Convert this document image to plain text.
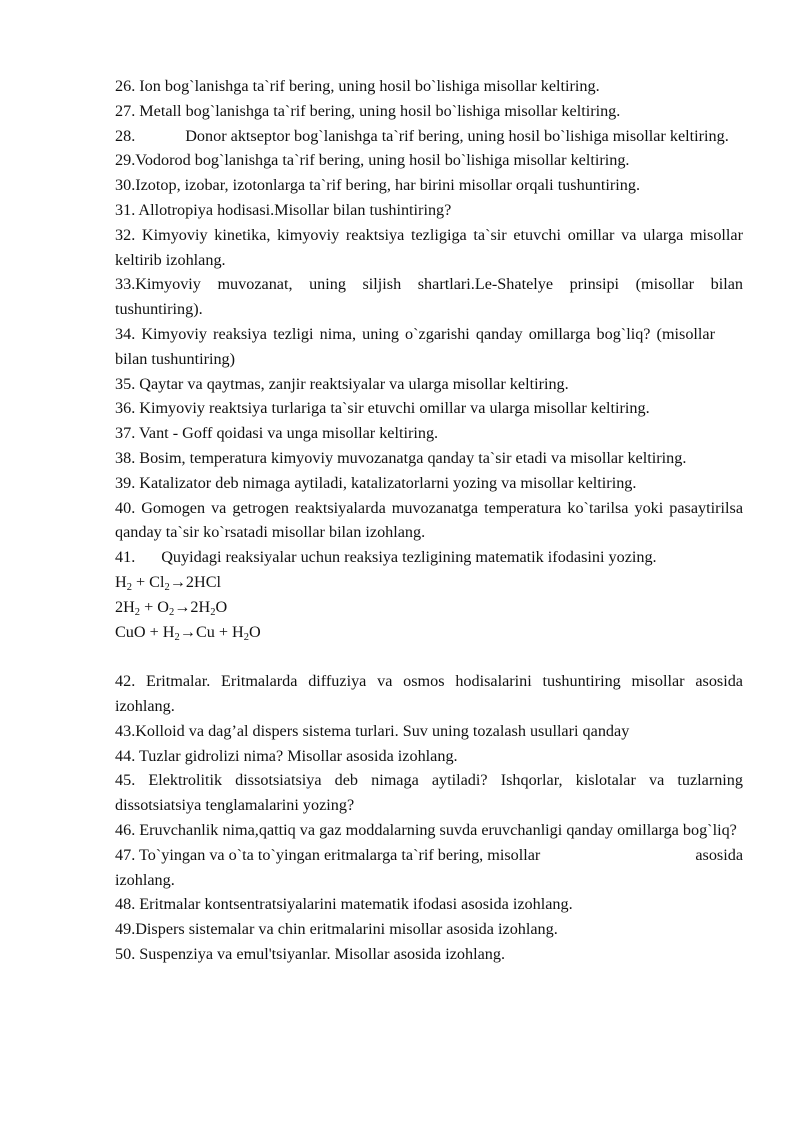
26. Ion bog`lanishga ta`rif bering, uning hosil bo`lishiga misollar keltiring.

27. Metall bog`lanishga ta`rif bering, uning hosil bo`lishiga misollar keltiring.

28.	Donor aktseptor bog`lanishga ta`rif bering, uning hosil bo`lishiga misollar keltiring.

29.Vodorod bog`lanishga ta`rif bering, uning hosil bo`lishiga misollar keltiring.

30.Izotop, izobar, izotonlarga ta`rif bering, har birini misollar orqali tushuntiring.

31. Allotropiya hodisasi.Misollar bilan tushintiring?

32. Kimyoviy kinetika, kimyoviy reaktsiya tezligiga ta`sir etuvchi omillar va ularga misollar keltirib izohlang.

33.Kimyoviy muvozanat, uning siljish shartlari.Le-Shatelye prinsipi (misollar bilan tushuntiring).

34. Kimyoviy reaksiya tezligi nima, uning o`zgarishi qanday omillarga bog`liq? (misollar bilan tushuntiring)

35. Qaytar va qaytmas, zanjir reaktsiyalar va ularga misollar keltiring.

36. Kimyoviy reaktsiya turlariga ta`sir etuvchi omillar va ularga misollar keltiring.

37. Vant - Goff qoidasi va unga misollar keltiring.

38. Bosim, temperatura kimyoviy muvozanatga qanday ta`sir etadi va misollar keltiring.

39. Katalizator deb nimaga aytiladi, katalizatorlarni yozing va misollar keltiring.

40. Gomogen va getrogen reaktsiyalarda muvozanatga temperatura ko`tarilsa yoki pasaytirilsa qanday ta`sir ko`rsatadi misollar bilan izohlang.

41. Quyidagi reaksiyalar uchun reaksiya tezligining matematik ifodasini yozing.

$H_2 + Cl_2\to 2HCl$

$2H_2 + O_2\to 2H_2O$

CuO + $H_2\to Cu + H_2O$

42. Eritmalar. Eritmalarda diffuziya va osmos hodisalarini tushuntiring misollar asosida izohlang.

43.Kolloid va dag’al dispers sistema turlari. Suv uning tozalash usullari qanday

44. Tuzlar gidrolizi nima? Misollar asosida izohlang.

45. Elektrolitik dissotsiatsiya deb nimaga aytiladi? Ishqorlar, kislotalar va tuzlarning dissotsiatsiya tenglamalarini yozing?

46. Eruvchanlik nima,qattiq va gaz moddalarning suvda eruvchanligi qanday omillarga bog`liq?

47. To`yingan va o`ta to`yingan eritmalarga ta`rif bering, misollar	asosida

izohlang.

48. Eritmalar kontsentratsiyalarini matematik ifodasi asosida izohlang.

49.Dispers sistemalar va chin eritmalarini misollar asosida izohlang.

50. Suspenziya va emul'tsiyanlar. Misollar asosida izohlang.
